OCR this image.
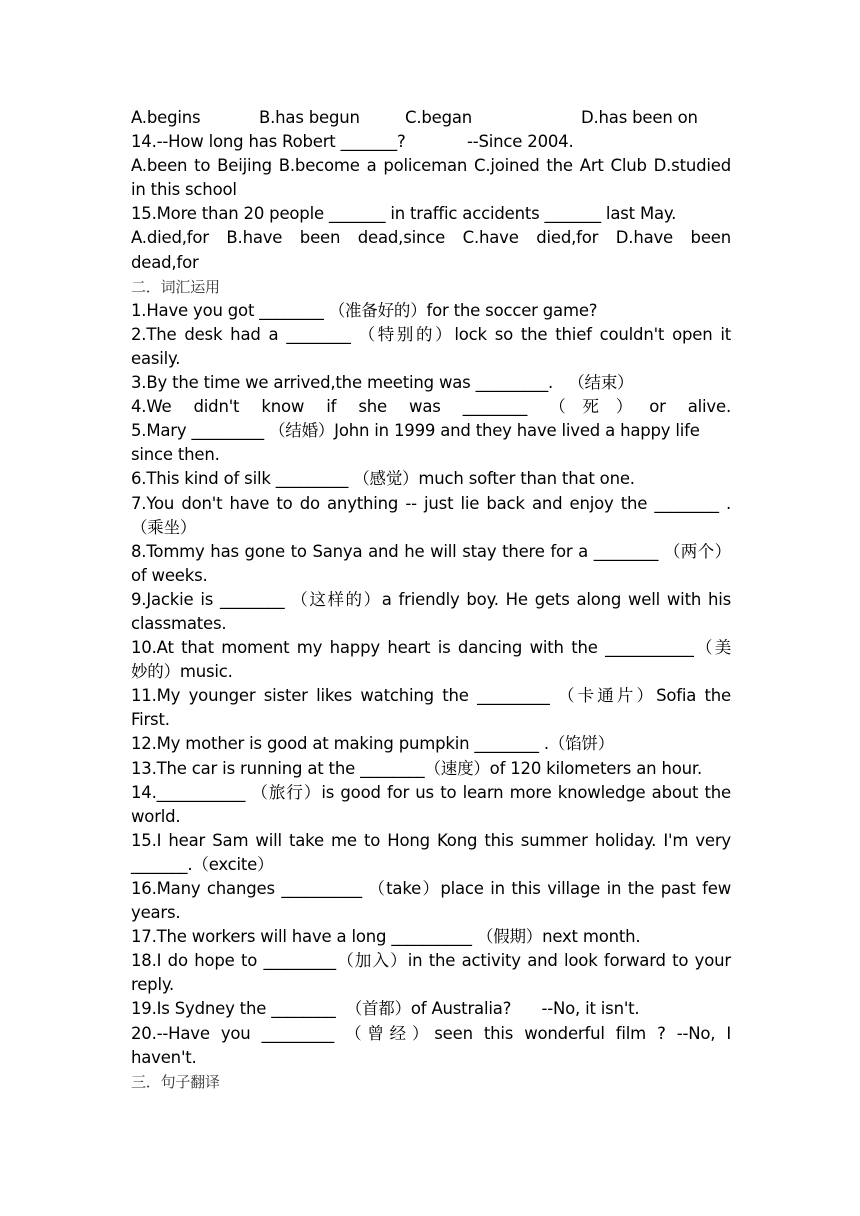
A.begins	B.has begun	C.began	D.has been on
14.--How long has Robert _______?	--Since 2004.
A.been to Beijing B.become a policeman C.joined the Art Club D.studied
in this school
15.More than 20 people _______ in traffic accidents _______ last May.
A.died,for B.have been dead,since C.have died,for D.have been
dead,for
二．词汇运用
1.Have you got ________ （准备好的）for the soccer game?
2.The desk had a ________ （特别的）lock so the thief couldn't open it
easily.
3.By the time we arrived,the meeting was _________.   （结束）
4.We didn't know if she was ________ （死）or alive.
5.Mary _________ （结婚）John in 1999 and they have lived a happy life
since then.
6.This kind of silk _________ （感觉）much softer than that one.
7.You don't have to do anything -- just lie back and enjoy the ________ .
（乘坐）
8.Tommy has gone to Sanya and he will stay there for a ________ （两个）
of weeks.
9.Jackie is ________ （这样的）a friendly boy. He gets along well with his
classmates.
10.At that moment my happy heart is dancing with the ___________（美
妙的）music.
11.My younger sister likes watching the _________ （卡通片）Sofia the
First.
12.My mother is good at making pumpkin ________ .（馅饼）
13.The car is running at the ________（速度）of 120 kilometers an hour.
14.___________ （旅行）is good for us to learn more knowledge about the
world.
15.I hear Sam will take me to Hong Kong this summer holiday. I'm very
_______.（excite）
16.Many changes __________ （take）place in this village in the past few
years.
17.The workers will have a long __________ （假期）next month.
18.I do hope to _________（加入）in the activity and look forward to your
reply.
19.Is Sydney the ________  （首都）of Australia?      --No, it isn't.
20.--Have you _________ （曾经）seen this wonderful film ? --No, I
haven't.
三．句子翻译
